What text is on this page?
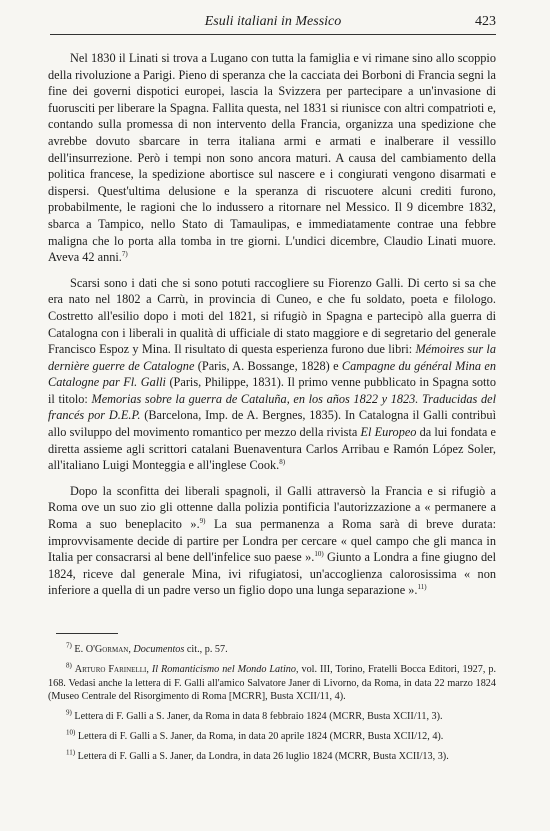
Esuli italiani in Messico	423

Nel 1830 il Linati si trova a Lugano con tutta la famiglia e vi rimane sino allo scoppio della rivoluzione a Parigi. Pieno di speranza che la cacciata dei Borboni di Francia segni la fine dei governi dispotici europei, lascia la Svizzera per partecipare a un'invasione di fuorusciti per liberare la Spagna. Fallita questa, nel 1831 si riunisce con altri compatrioti e, contando sulla promessa di non intervento della Francia, organizza una spedizione che avrebbe dovuto sbarcare in terra italiana armi e armati e inalberare il vessillo dell'insurrezione. Però i tempi non sono ancora maturi. A causa del cambiamento della politica francese, la spedizione abortisce sul nascere e i congiurati vengono disarmati e dispersi. Quest'ultima delusione e la speranza di riscuotere alcuni crediti furono, probabilmente, le ragioni che lo indussero a ritornare nel Messico. Il 9 dicembre 1832, sbarca a Tampico, nello Stato di Tamaulipas, e immediatamente contrae una febbre maligna che lo porta alla tomba in tre giorni. L'undici dicembre, Claudio Linati muore. Aveva 42 anni.$^{7)}$

Scarsi sono i dati che si sono potuti raccogliere su Fiorenzo Galli. Di certo si sa che era nato nel 1802 a Carrù, in provincia di Cuneo, e che fu soldato, poeta e filologo. Costretto all'esilio dopo i moti del 1821, si rifugiò in Spagna e partecipò alla guerra di Catalogna con i liberali in qualità di ufficiale di stato maggiore e di segretario del generale Francisco Espoz y Mina. Il risultato di questa esperienza furono due libri: Mémoires sur la dernière guerre de Catalogne (Paris, A. Bossange, 1828) e Campagne du général Mina en Catalogne par Fl. Galli (Paris, Philippe, 1831). Il primo venne pubblicato in Spagna sotto il titolo: Memorias sobre la guerra de Cataluña, en los años 1822 y 1823. Traducidas del francés por D.E.P. (Barcelona, Imp. de A. Bergnes, 1835). In Catalogna il Galli contribuì allo sviluppo del movimento romantico per mezzo della rivista El Europeo da lui fondata e diretta assieme agli scrittori catalani Buenaventura Carlos Arribau e Ramón López Soler, all'italiano Luigi Monteggia e all'inglese Cook.$^{8)}$

Dopo la sconfitta dei liberali spagnoli, il Galli attraversò la Francia e si rifugiò a Roma ove un suo zio gli ottenne dalla polizia pontificia l'autorizzazione a « permanere a Roma a suo beneplacito ».$^{9)}$ La sua permanenza a Roma sarà di breve durata: improvvisamente decide di partire per Londra per cercare « quel campo che gli manca in Italia per consacrarsi al bene dell'infelice suo paese ».$^{10)}$ Giunto a Londra a fine giugno del 1824, riceve dal generale Mina, ivi rifugiatosi, un'accoglienza calorosissima « non inferiore a quella di un padre verso un figlio dopo una lunga separazione ».$^{11)}$

$^{7)}$ E. O'Gorman, Documentos cit., p. 57.

$^{8)}$ Arturo Farinelli, Il Romanticismo nel Mondo Latino, vol. III, Torino, Fratelli Bocca Editori, 1927, p. 168. Vedasi anche la lettera di F. Galli all'amico Salvatore Janer di Livorno, da Roma, in data 22 marzo 1824 (Museo Centrale del Risorgimento di Roma [MCRR], Busta XCII/11, 4).

$^{9)}$ Lettera di F. Galli a S. Janer, da Roma in data 8 febbraio 1824 (MCRR, Busta XCII/11, 3).

$^{10)}$ Lettera di F. Galli a S. Janer, da Roma, in data 20 aprile 1824 (MCRR, Busta XCII/12, 4).

$^{11)}$ Lettera di F. Galli a S. Janer, da Londra, in data 26 luglio 1824 (MCRR, Busta XCII/13, 3).
